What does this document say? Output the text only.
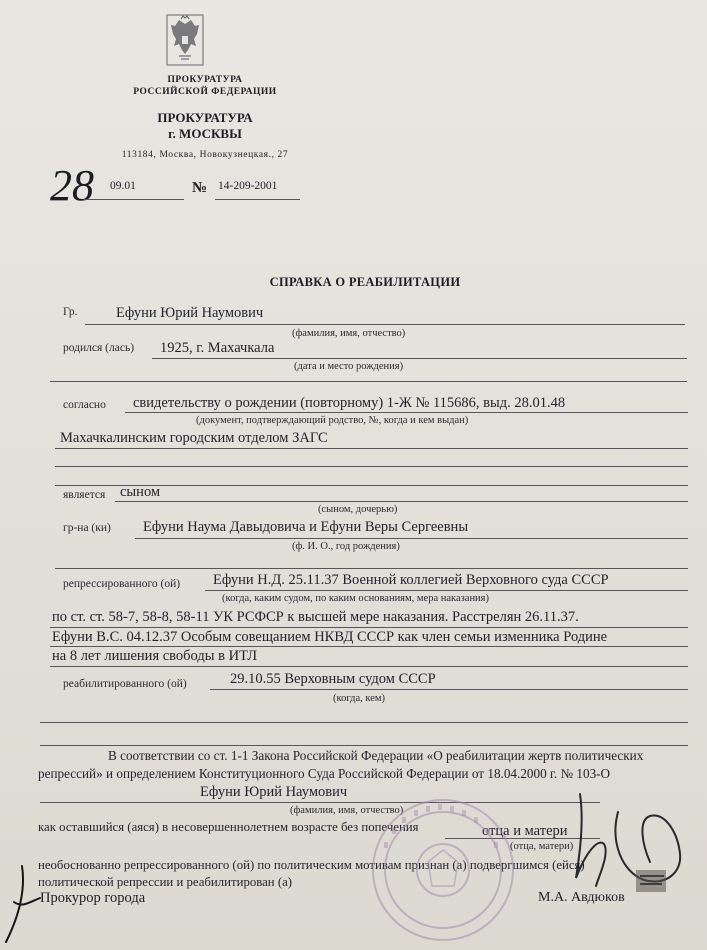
ПРОКУРАТУРА
РОССИЙСКОЙ ФЕДЕРАЦИИ
ПРОКУРАТУРА
г. МОСКВЫ
113184, Москва, Новокузнецкая., 27
28 09.01	№ 14-209-2001
СПРАВКА О РЕАБИЛИТАЦИИ
Гр.	Ефуни Юрий Наумович
(фамилия, имя, отчество)
родился (лась) 1925, г. Махачкала
(дата и место рождения)
согласно свидетельству о рождении (повторному) 1-Ж № 115686, выд. 28.01.48
(документ, подтверждающий родство, №, когда и кем выдан)
Махачкалинским городским отделом ЗАГС
является сыном
(сыном, дочерью)
гр-на (ки) Ефуни Наума Давыдовича и Ефуни Веры Сергеевны
(ф. И. О., год рождения)
репрессированного (ой) Ефуни Н.Д. 25.11.37 Военной коллегией Верховного суда СССР
(когда, каким судом, по каким основаниям, мера наказания)
по ст. ст. 58-7, 58-8, 58-11 УК РСФСР к высшей мере наказания. Расстрелян 26.11.37.
Ефуни В.С. 04.12.37 Особым совещанием НКВД СССР как член семьи изменника Родине
на 8 лет лишения свободы в ИТЛ
реабилитированного (ой)	29.10.55 Верховным судом СССР
(когда, кем)
В соответствии со ст. 1-1 Закона Российской Федерации «О реабилитации жертв политических
репрессий» и определением Конституционного Суда Российской Федерации от 18.04.2000 г. № 103-О
Ефуни Юрий Наумович
(фамилия, имя, отчество)
как оставшийся (аяся) в несовершеннолетнем возрасте без попечения	отца и матери
(отца, матери)
необоснованно репрессированного (ой) по политическим мотивам признан (а) подвергшимся (ейся)
политической репрессии и реабилитирован (а)
Прокурор города	М.А. Авдюков
